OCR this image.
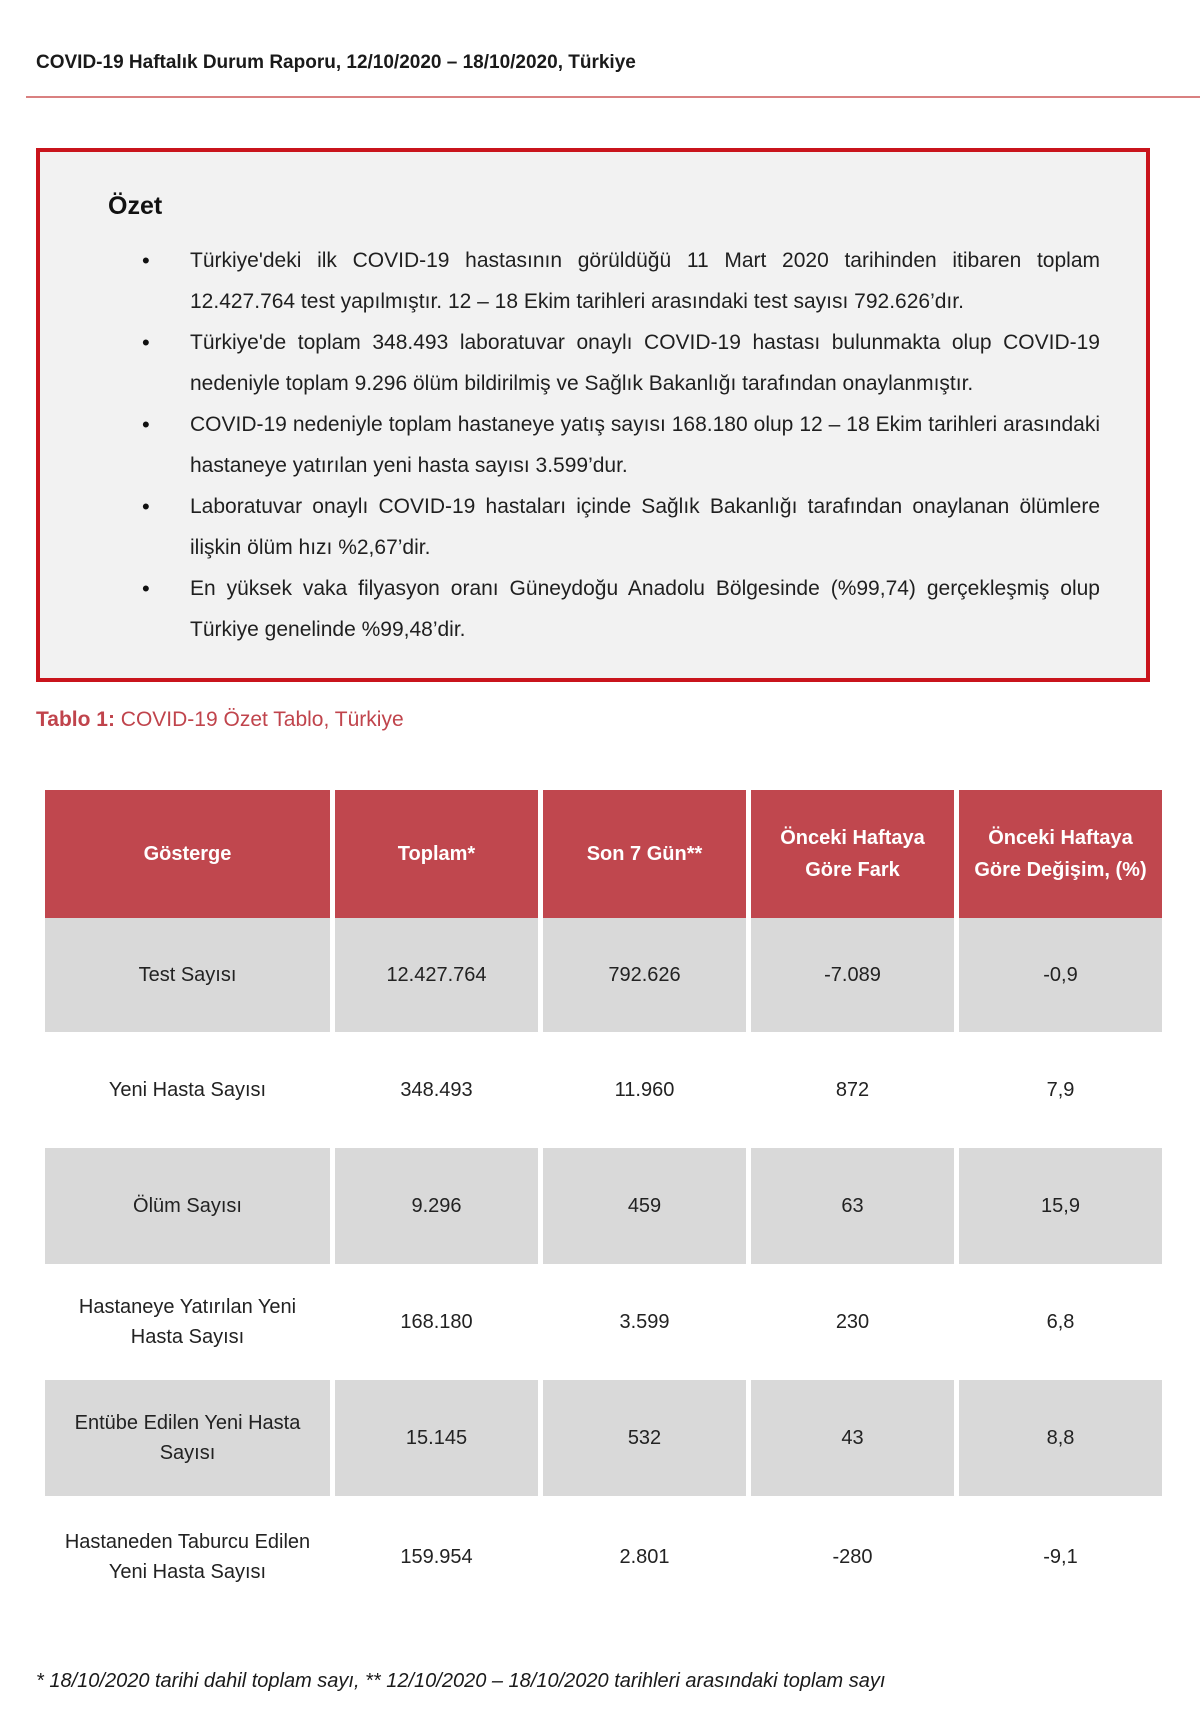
COVID-19 Haftalık Durum Raporu, 12/10/2020 – 18/10/2020, Türkiye
Özet
• Türkiye'deki ilk COVID-19 hastasının görüldüğü 11 Mart 2020 tarihinden itibaren toplam 12.427.764 test yapılmıştır. 12 – 18 Ekim tarihleri arasındaki test sayısı 792.626’dır.
• Türkiye'de toplam 348.493 laboratuvar onaylı COVID-19 hastası bulunmakta olup COVID-19 nedeniyle toplam 9.296 ölüm bildirilmiş ve Sağlık Bakanlığı tarafından onaylanmıştır.
• COVID-19 nedeniyle toplam hastaneye yatış sayısı 168.180 olup 12 – 18 Ekim tarihleri arasındaki hastaneye yatırılan yeni hasta sayısı 3.599’dur.
• Laboratuvar onaylı COVID-19 hastaları içinde Sağlık Bakanlığı tarafından onaylanan ölümlere ilişkin ölüm hızı %2,67’dir.
• En yüksek vaka filyasyon oranı Güneydoğu Anadolu Bölgesinde (%99,74) gerçekleşmiş olup Türkiye genelinde %99,48’dir.
Tablo 1: COVID-19 Özet Tablo, Türkiye
Gösterge	Toplam*	Son 7 Gün**	Önceki Haftaya Göre Fark	Önceki Haftaya Göre Değişim, (%)
Test Sayısı	12.427.764	792.626	-7.089	-0,9
Yeni Hasta Sayısı	348.493	11.960	872	7,9
Ölüm Sayısı	9.296	459	63	15,9
Hastaneye Yatırılan Yeni Hasta Sayısı	168.180	3.599	230	6,8
Entübe Edilen Yeni Hasta Sayısı	15.145	532	43	8,8
Hastaneden Taburcu Edilen Yeni Hasta Sayısı	159.954	2.801	-280	-9,1
* 18/10/2020 tarihi dahil toplam sayı, ** 12/10/2020 – 18/10/2020 tarihleri arasındaki toplam sayı
